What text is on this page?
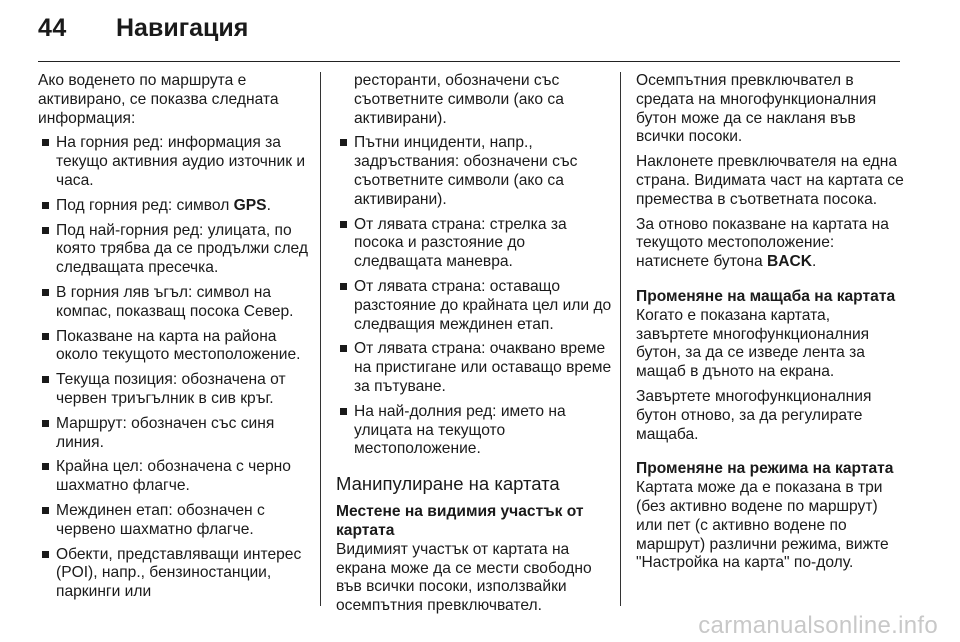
44 Навигация

Ако воденето по маршрута е активирано, се показва следната информация:

На горния ред: информация за текущо активния аудио източник и часа.
Под горния ред: символ GPS.
Под най-горния ред: улицата, по която трябва да се продължи след следващата пресечка.
В горния ляв ъгъл: символ на компас, показващ посока Север.
Показване на карта на района около текущото местоположение.
Текуща позиция: обозначена от червен триъгълник в сив кръг.
Маршрут: обозначен със синя линия.
Крайна цел: обозначена с черно шахматно флагче.
Междинен етап: обозначен с червено шахматно флагче.
Обекти, представляващи интерес (POI), напр., бензиностанции, паркинги или

ресторанти, обозначени със съответните символи (ако са активирани).

Пътни инциденти, напр., задръствания: обозначени със съответните символи (ако са активирани).
От лявата страна: стрелка за посока и разстояние до следващата маневра.
От лявата страна: оставащо разстояние до крайната цел или до следващия междинен етап.
От лявата страна: очаквано време на пристигане или оставащо време за пътуване.
На най-долния ред: името на улицата на текущото местоположение.
Манипулиране на картата

Местене на видимия участък от картата

Видимият участък от картата на екрана може да се мести свободно във всички посоки, използвайки осемпътния превключвател.

Осемпътния превключвател в средата на многофункционалния бутон може да се накланя във всички посоки.

Наклонете превключвателя на една страна. Видимата част на картата се премества в съответната посока.

За отново показване на картата на текущото местоположение: натиснете бутона BACK.

Променяне на мащаба на картата

Когато е показана картата, завъртете многофункционалния бутон, за да се изведе лента за мащаб в дъното на екрана.

Завъртете многофункционалния бутон отново, за да регулирате мащаба.

Променяне на режима на картата

Картата може да е показана в три (без активно водене по маршрут) или пет (с активно водене по маршрут) различни режима, вижте "Настройка на карта" по-долу.

carmanualsonline.info
